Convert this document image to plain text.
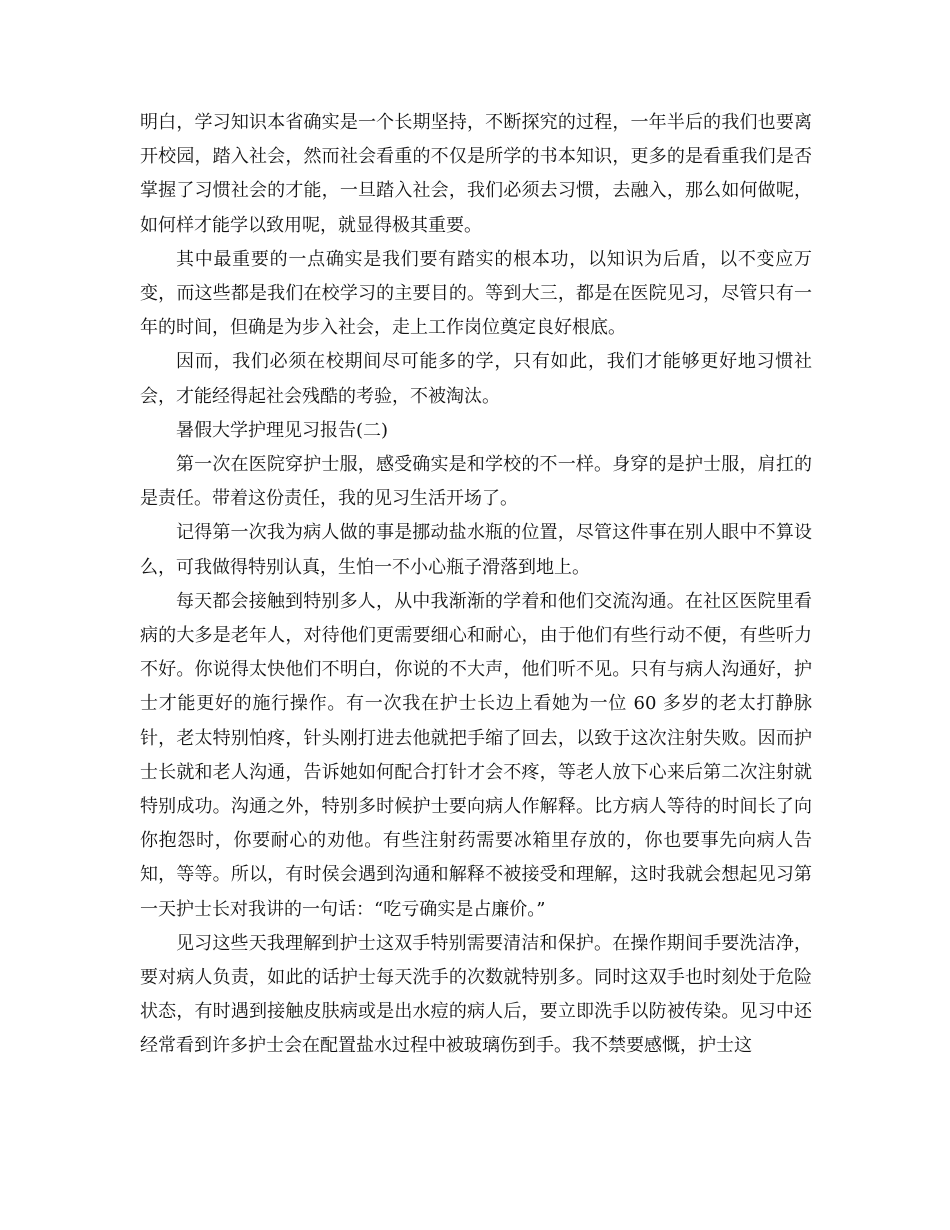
明白，学习知识本省确实是一个长期坚持，不断探究的过程，一年半后的我们也要离开校园，踏入社会，然而社会看重的不仅是所学的书本知识，更多的是看重我们是否掌握了习惯社会的才能，一旦踏入社会，我们必须去习惯，去融入，那么如何做呢，如何样才能学以致用呢，就显得极其重要。

其中最重要的一点确实是我们要有踏实的根本功，以知识为后盾，以不变应万变，而这些都是我们在校学习的主要目的。等到大三，都是在医院见习，尽管只有一年的时间，但确是为步入社会，走上工作岗位奠定良好根底。

因而，我们必须在校期间尽可能多的学，只有如此，我们才能够更好地习惯社会，才能经得起社会残酷的考验，不被淘汰。

暑假大学护理见习报告(二)

第一次在医院穿护士服，感受确实是和学校的不一样。身穿的是护士服，肩扛的是责任。带着这份责任，我的见习生活开场了。

记得第一次我为病人做的事是挪动盐水瓶的位置，尽管这件事在别人眼中不算设么，可我做得特别认真，生怕一不小心瓶子滑落到地上。

每天都会接触到特别多人，从中我渐渐的学着和他们交流沟通。在社区医院里看病的大多是老年人，对待他们更需要细心和耐心，由于他们有些行动不便，有些听力不好。你说得太快他们不明白，你说的不大声，他们听不见。只有与病人沟通好，护士才能更好的施行操作。有一次我在护士长边上看她为一位 60 多岁的老太打静脉针，老太特别怕疼，针头刚打进去他就把手缩了回去，以致于这次注射失败。因而护士长就和老人沟通，告诉她如何配合打针才会不疼，等老人放下心来后第二次注射就特别成功。沟通之外，特别多时候护士要向病人作解释。比方病人等待的时间长了向你抱怨时，你要耐心的劝他。有些注射药需要冰箱里存放的，你也要事先向病人告知，等等。所以，有时侯会遇到沟通和解释不被接受和理解，这时我就会想起见习第一天护士长对我讲的一句话：“吃亏确实是占廉价。”

见习这些天我理解到护士这双手特别需要清洁和保护。在操作期间手要洗洁净，要对病人负责，如此的话护士每天洗手的次数就特别多。同时这双手也时刻处于危险状态，有时遇到接触皮肤病或是出水痘的病人后，要立即洗手以防被传染。见习中还经常看到许多护士会在配置盐水过程中被玻璃伤到手。我不禁要感慨，护士这
